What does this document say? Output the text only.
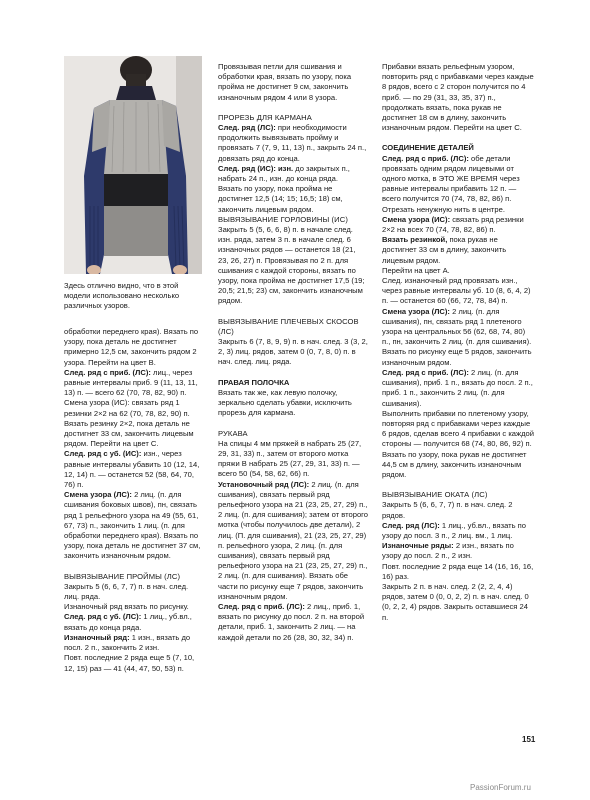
Здесь отлично видно, что в этой модели использовано несколько различных узоров.

обработки переднего края). Вязать по узору, пока деталь не достигнет примерно 12,5 см, закончить рядом 2 узора. Перейти на цвет В.

След. ряд с приб. (ЛС): лиц., через равные интервалы приб. 9 (11, 13, 11, 13) п. — всего 62 (70, 78, 82, 90) п.

Смена узора (ИС): связать ряд 1 резинки 2×2 на 62 (70, 78, 82, 90) п. Вязать резинку 2×2, пока деталь не достигнет 33 см, закончить лицевым рядом. Перейти на цвет С.

След. ряд с уб. (ИС): изн., через равные интервалы убавить 10 (12, 14, 12, 14) п. — останется 52 (58, 64, 70, 76) п.

Смена узора (ЛС): 2 лиц. (п. для сшивания боковых швов), пн, связать ряд 1 рельефного узора на 49 (55, 61, 67, 73) п., закончить 1 лиц. (п. для обработки переднего края). Вязать по узору, пока деталь не достигнет 37 см, закончить изнаночным рядом.

ВЫВЯЗЫВАНИЕ ПРОЙМЫ (ЛС)

Закрыть 5 (6, 6, 7, 7) п. в нач. след. лиц. ряда.

Изнаночный ряд вязать по рисунку.

След. ряд с уб. (ЛС): 1 лиц., уб.вл., вязать до конца ряда.

Изнаночный ряд: 1 изн., вязать до посл. 2 п., закончить 2 изн.

Повт. последние 2 ряда еще 5 (7, 10, 12, 15) раз — 41 (44, 47, 50, 53) п.

Провязывая петли для сшивания и обработки края, вязать по узору, пока пройма не достигнет 9 см, закончить изнаночным рядом 4 или 8 узора.

ПРОРЕЗЬ ДЛЯ КАРМАНА

След. ряд (ЛС): при необходимости продолжить вывязывать пройму и провязать 7 (7, 9, 11, 13) п., закрыть 24 п., довязать ряд до конца.

След. ряд (ИС): изн. до закрытых п., набрать 24 п., изн. до конца ряда.

Вязать по узору, пока пройма не достигнет 12,5 (14; 15; 16,5; 18) см, закончить лицевым рядом.

ВЫВЯЗЫВАНИЕ ГОРЛОВИНЫ (ИС)

Закрыть 5 (5, 6, 6, 8) п. в начале след. изн. ряда, затем 3 п. в начале след. 6 изнаночных рядов — останется 18 (21, 23, 26, 27) п. Провязывая по 2 п. для сшивания с каждой стороны, вязать по узору, пока пройма не достигнет 17,5 (19; 20,5; 21,5; 23) см, закончить изнаночным рядом.

ВЫВЯЗЫВАНИЕ ПЛЕЧЕВЫХ СКОСОВ (ЛС)

Закрыть 6 (7, 8, 9, 9) п. в нач. след. 3 (3, 2, 2, 3) лиц. рядов, затем 0 (0, 7, 8, 0) п. в нач. след. лиц. ряда.

ПРАВАЯ ПОЛОЧКА

Вязать так же, как левую полочку, зеркально сделать убавки, исключить прорезь для кармана.

РУКАВА

На спицы 4 мм пряжей в набрать 25 (27, 29, 31, 33) п., затем от второго мотка пряжи В набрать 25 (27, 29, 31, 33) п. — всего 50 (54, 58, 62, 66) п.

Установочный ряд (ЛС): 2 лиц. (п. для сшивания), связать первый ряд рельефного узора на 21 (23, 25, 27, 29) п., 2 лиц. (п. для сшивания); затем от второго мотка (чтобы получилось две детали), 2 лиц. (П. для сшивания), 21 (23, 25, 27, 29) п. рельефного узора, 2 лиц. (п. для сшивания), связать первый ряд рельефного узора на 21 (23, 25, 27, 29) п., 2 лиц. (п. для сшивания). Вязать обе части по рисунку еще 7 рядов, закончить изнаночным рядом.

След. ряд с приб. (ЛС): 2 лиц., приб. 1, вязать по рисунку до посл. 2 п. на второй детали, приб. 1, закончить 2 лиц. — на каждой детали по 26 (28, 30, 32, 34) п.

Прибавки вязать рельефным узором, повторить ряд с прибавками через каждые 8 рядов, всего с 2 сторон получится по 4 приб. — по 29 (31, 33, 35, 37) п., продолжать вязать, пока рукав не достигнет 18 см в длину, закончить изнаночным рядом. Перейти на цвет С.

СОЕДИНЕНИЕ ДЕТАЛЕЙ

След. ряд с приб. (ЛС): обе детали провязать одним рядом лицевыми от одного мотка, в ЭТО ЖЕ ВРЕМЯ через равные интервалы прибавить 12 п. — всего получится 70 (74, 78, 82, 86) п. Отрезать ненужную нить в центре.

Смена узора (ИС): связать ряд резинки 2×2 на всех 70 (74, 78, 82, 86) п.

Вязать резинкой, пока рукав не достигнет 33 см в длину, закончить лицевым рядом.

Перейти на цвет А.

След. изнаночный ряд провязать изн., через равные интервалы уб. 10 (8, 6, 4, 2) п. — останется 60 (66, 72, 78, 84) п.

Смена узора (ЛС): 2 лиц. (п. для сшивания), пн, связать ряд 1 плетеного узора на центральных 56 (62, 68, 74, 80) п., пн, закончить 2 лиц. (п. для сшивания).

Вязать по рисунку еще 5 рядов, закончить изнаночным рядом.

След. ряд с приб. (ЛС): 2 лиц. (п. для сшивания), приб. 1 п., вязать до посл. 2 п., приб. 1 п., закончить 2 лиц. (п. для сшивания).

Выполнить прибавки по плетеному узору, повторяя ряд с прибавками через каждые 6 рядов, сделав всего 4 прибавки с каждой стороны — получится 68 (74, 80, 86, 92) п. Вязать по узору, пока рукав не достигнет 44,5 см в длину, закончить изнаночным рядом.

ВЫВЯЗЫВАНИЕ ОКАТА (ЛС)

Закрыть 5 (6, 6, 7, 7) п. в нач. след. 2 рядов.

След. ряд (ЛС): 1 лиц., уб.вл., вязать по узору до посл. 3 п., 2 лиц. вм., 1 лиц.

Изнаночные ряды: 2 изн., вязать по узору до посл. 2 п., 2 изн.

Повт. последние 2 ряда еще 14 (16, 16, 16, 16) раз.

Закрыть 2 п. в нач. след. 2 (2, 2, 4, 4) рядов, затем 0 (0, 0, 2, 2) п. в нач. след. 0 (0, 2, 2, 4) рядов. Закрыть оставшиеся 24 п.

151
PassionForum.ru
